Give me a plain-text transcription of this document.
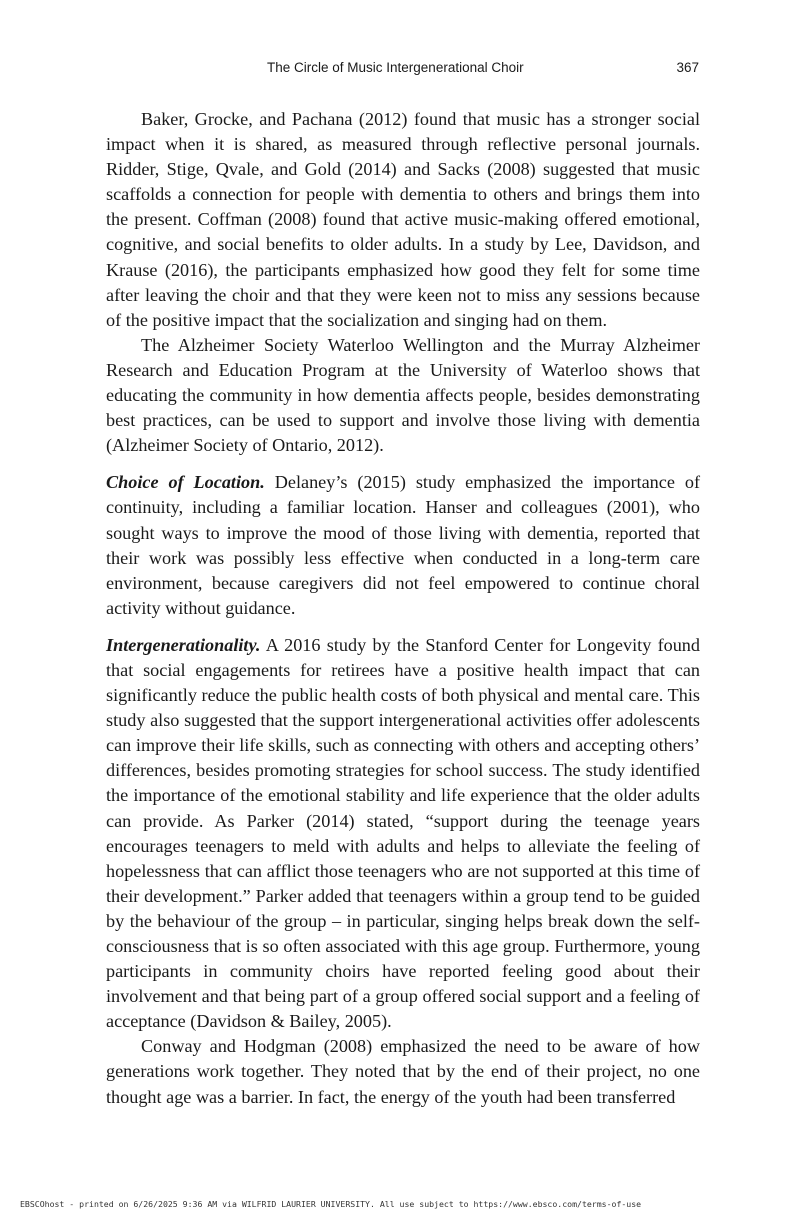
The Circle of Music Intergenerational Choir	367

Baker, Grocke, and Pachana (2012) found that music has a stronger social impact when it is shared, as measured through reflective personal journals. Ridder, Stige, Qvale, and Gold (2014) and Sacks (2008) suggested that music scaffolds a connection for people with dementia to others and brings them into the present. Coffman (2008) found that active music-making offered emotional, cognitive, and social benefits to older adults. In a study by Lee, Davidson, and Krause (2016), the participants emphasized how good they felt for some time after leaving the choir and that they were keen not to miss any sessions because of the positive impact that the socialization and singing had on them.

The Alzheimer Society Waterloo Wellington and the Murray Alzheimer Research and Education Program at the University of Waterloo shows that educating the community in how dementia affects people, besides demonstrating best practices, can be used to support and involve those living with dementia (Alzheimer Society of Ontario, 2012).

Choice of Location. Delaney’s (2015) study emphasized the importance of continuity, including a familiar location. Hanser and colleagues (2001), who sought ways to improve the mood of those living with dementia, reported that their work was possibly less effective when conducted in a long-term care environment, because caregivers did not feel empowered to continue choral activity without guidance.

Intergenerationality. A 2016 study by the Stanford Center for Longevity found that social engagements for retirees have a positive health impact that can significantly reduce the public health costs of both physical and mental care. This study also suggested that the support intergenerational activities offer adolescents can improve their life skills, such as connecting with others and accepting others’ differences, besides promoting strategies for school success. The study identified the importance of the emotional stability and life experience that the older adults can provide. As Parker (2014) stated, “support during the teenage years encourages teenagers to meld with adults and helps to alleviate the feeling of hopelessness that can afflict those teenagers who are not supported at this time of their development.” Parker added that teenagers within a group tend to be guided by the behaviour of the group – in particular, singing helps break down the self-consciousness that is so often associated with this age group. Furthermore, young participants in community choirs have reported feeling good about their involvement and that being part of a group offered social support and a feeling of acceptance (Davidson & Bailey, 2005).

Conway and Hodgman (2008) emphasized the need to be aware of how generations work together. They noted that by the end of their project, no one thought age was a barrier. In fact, the energy of the youth had been transferred

EBSCOhost - printed on 6/26/2025 9:36 AM via WILFRID LAURIER UNIVERSITY. All use subject to https://www.ebsco.com/terms-of-use
